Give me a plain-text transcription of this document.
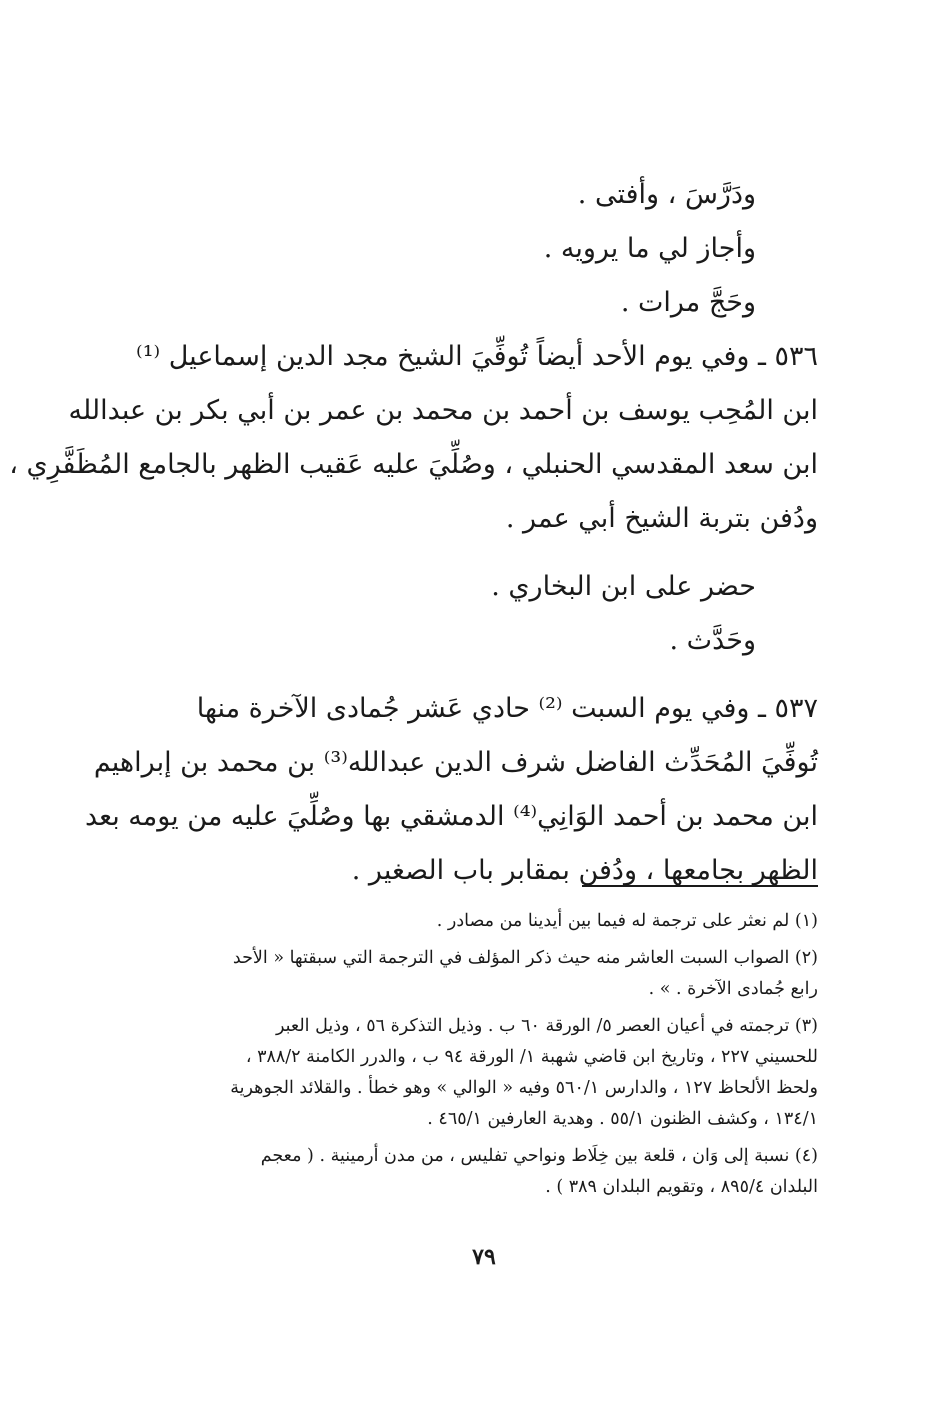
ودَرَّسَ ، وأفتى .
وأجاز لي ما يرويه .
وحَجَّ مرات .
٥٣٦ ـ وفي يوم الأحد أيضاً تُوفِّيَ الشيخ مجد الدين إسماعيل ⁽¹⁾
ابن المُحِب يوسف بن أحمد بن محمد بن عمر بن أبي بكر بن عبدالله
ابن سعد المقدسي الحنبلي ، وصُلِّيَ عليه عَقيب الظهر بالجامع المُظَفَّرِي ،
ودُفن بتربة الشيخ أبي عمر .
حضر على ابن البخاري .
وحَدَّث .
٥٣٧ ـ وفي يوم السبت ⁽²⁾ حادي عَشر جُمادى الآخرة منها
تُوفِّيَ المُحَدِّث الفاضل شرف الدين عبدالله⁽³⁾ بن محمد بن إبراهيم
ابن محمد بن أحمد الوَانِي⁽⁴⁾ الدمشقي بها وصُلِّيَ عليه من يومه بعد
الظهر بجامعها ، ودُفن بمقابر باب الصغير .
(١) لم نعثر على ترجمة له فيما بين أيدينا من مصادر .
(٢) الصواب السبت العاشر منه حيث ذكر المؤلف في الترجمة التي سبقتها « الأحد
رابع جُمادى الآخرة . » .
(٣) ترجمته في أعيان العصر ٥/ الورقة ٦٠ ب . وذيل التذكرة ٥٦ ، وذيل العبر
للحسيني ٢٢٧ ، وتاريخ ابن قاضي شهبة ١/ الورقة ٩٤ ب ، والدرر الكامنة ٣٨٨/٢ ،
ولحظ الألحاظ ١٢٧ ، والدارس ٥٦٠/١ وفيه « الوالي » وهو خطأ . والقلائد الجوهرية
١٣٤/١ ، وكشف الظنون ٥٥/١ . وهدية العارفين ٤٦٥/١ .
(٤) نسبة إلى وَان ، قلعة بين خِلَاط ونواحي تفليس ، من مدن أرمينية . ( معجم
البلدان ٨٩٥/٤ ، وتقويم البلدان ٣٨٩ ) .
٧٩
